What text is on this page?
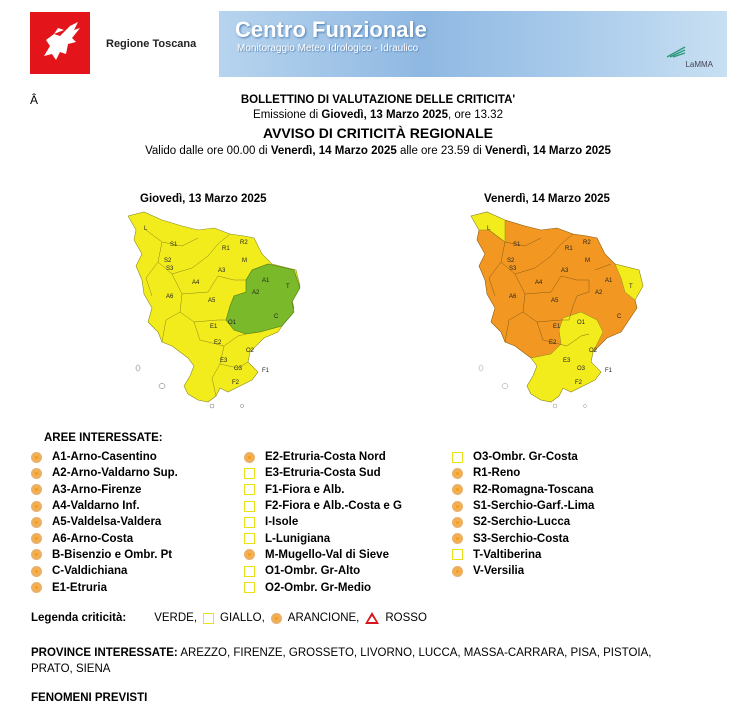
Regione Toscana
Centro Funzionale
Monitoraggio Meteo Idrologico - Idraulico
LaMMA
Â	BOLLETTINO DI VALUTAZIONE DELLE CRITICITA'
Emissione di Giovedì, 13 Marzo 2025, ore 13.32
AVVISO DI CRITICITÀ REGIONALE
Valido dalle ore 00.00 di Venerdì, 14 Marzo 2025 alle ore 23.59 di Venerdì, 14 Marzo 2025
Giovedì, 13 Marzo 2025	Venerdì, 14 Marzo 2025
L
S1	R2
S2	M
S3
R1
A4
A3
A1
T
A6
A5
A2
E1
O1
C
E2
O2
E3
O3	F1
F2
L
S1	R2
S2	M
S3
R1
A4
A3
A1
T
A6
A5
A2
E1
O1
C
E2
O2
E3
O3	F1
F2
AREE INTERESSATE:
A1-Arno-Casentino
A2-Arno-Valdarno Sup.
A3-Arno-Firenze
A4-Valdarno Inf.
A5-Valdelsa-Valdera
A6-Arno-Costa
B-Bisenzio e Ombr. Pt
C-Valdichiana
E1-Etruria
E2-Etruria-Costa Nord
E3-Etruria-Costa Sud
F1-Fiora e Alb.
F2-Fiora e Alb.-Costa e G
I-Isole
L-Lunigiana
M-Mugello-Val di Sieve
O1-Ombr. Gr-Alto
O2-Ombr. Gr-Medio
O3-Ombr. Gr-Costa
R1-Reno
R2-Romagna-Toscana
S1-Serchio-Garf.-Lima
S2-Serchio-Lucca
S3-Serchio-Costa
T-Valtiberina
V-Versilia
Legenda criticità: VERDE, GIALLO, ARANCIONE, ROSSO
PROVINCE INTERESSATE: AREZZO, FIRENZE, GROSSETO, LIVORNO, LUCCA, MASSA-CARRARA, PISA, PISTOIA, PRATO, SIENA
FENOMENI PREVISTI
